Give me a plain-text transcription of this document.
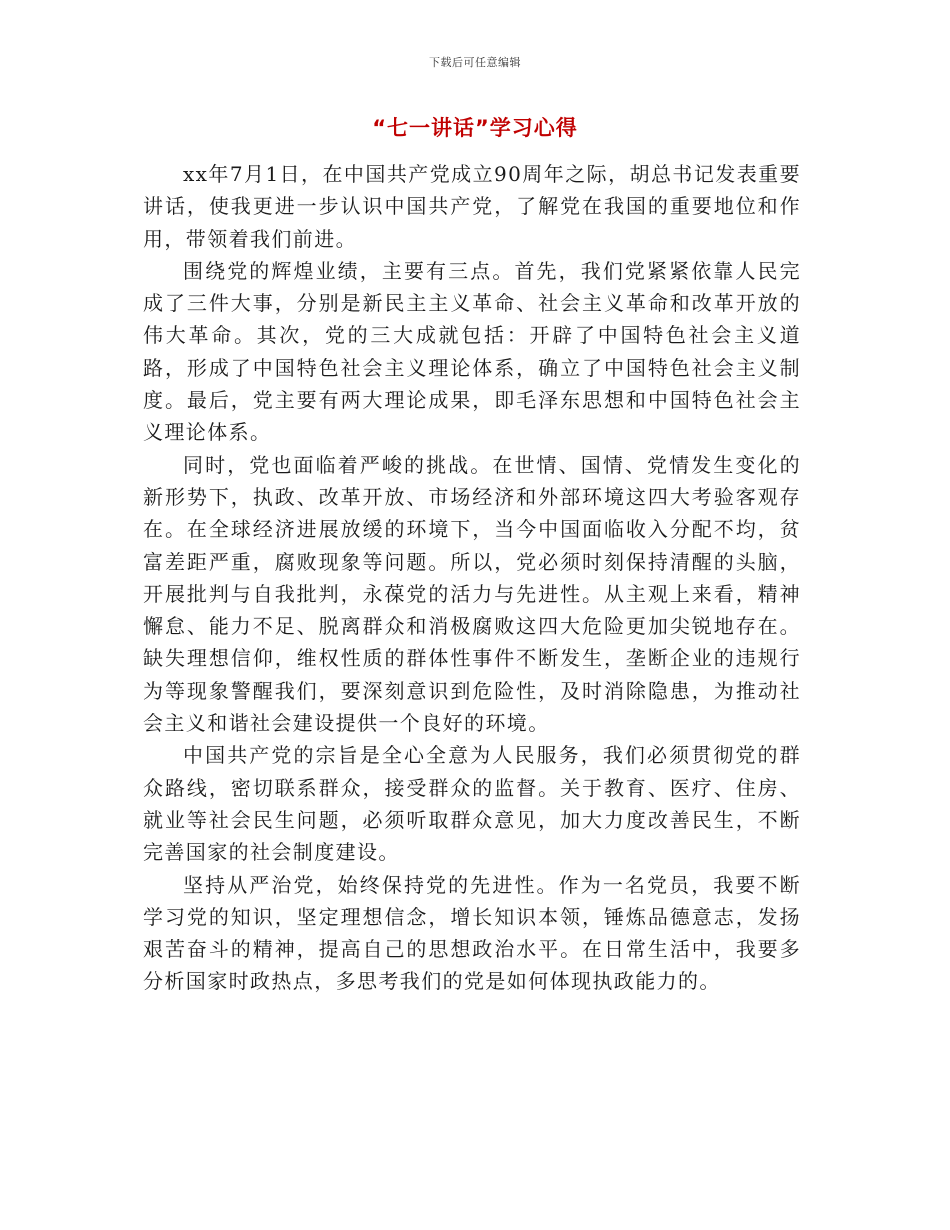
下载后可任意编辑
“七一讲话”学习心得

xx年7月1日，在中国共产党成立90周年之际，胡总书记发表重要讲话，使我更进一步认识中国共产党，了解党在我国的重要地位和作用，带领着我们前进。

围绕党的辉煌业绩，主要有三点。首先，我们党紧紧依靠人民完成了三件大事，分别是新民主主义革命、社会主义革命和改革开放的伟大革命。其次，党的三大成就包括：开辟了中国特色社会主义道路，形成了中国特色社会主义理论体系，确立了中国特色社会主义制度。最后，党主要有两大理论成果，即毛泽东思想和中国特色社会主义理论体系。

同时，党也面临着严峻的挑战。在世情、国情、党情发生变化的新形势下，执政、改革开放、市场经济和外部环境这四大考验客观存在。在全球经济进展放缓的环境下，当今中国面临收入分配不均，贫富差距严重，腐败现象等问题。所以，党必须时刻保持清醒的头脑，开展批判与自我批判，永葆党的活力与先进性。从主观上来看，精神懈怠、能力不足、脱离群众和消极腐败这四大危险更加尖锐地存在。缺失理想信仰，维权性质的群体性事件不断发生，垄断企业的违规行为等现象警醒我们，要深刻意识到危险性，及时消除隐患，为推动社会主义和谐社会建设提供一个良好的环境。

中国共产党的宗旨是全心全意为人民服务，我们必须贯彻党的群众路线，密切联系群众，接受群众的监督。关于教育、医疗、住房、就业等社会民生问题，必须听取群众意见，加大力度改善民生，不断完善国家的社会制度建设。

坚持从严治党，始终保持党的先进性。作为一名党员，我要不断学习党的知识，坚定理想信念，增长知识本领，锤炼品德意志，发扬艰苦奋斗的精神，提高自己的思想政治水平。在日常生活中，我要多分析国家时政热点，多思考我们的党是如何体现执政能力的。
